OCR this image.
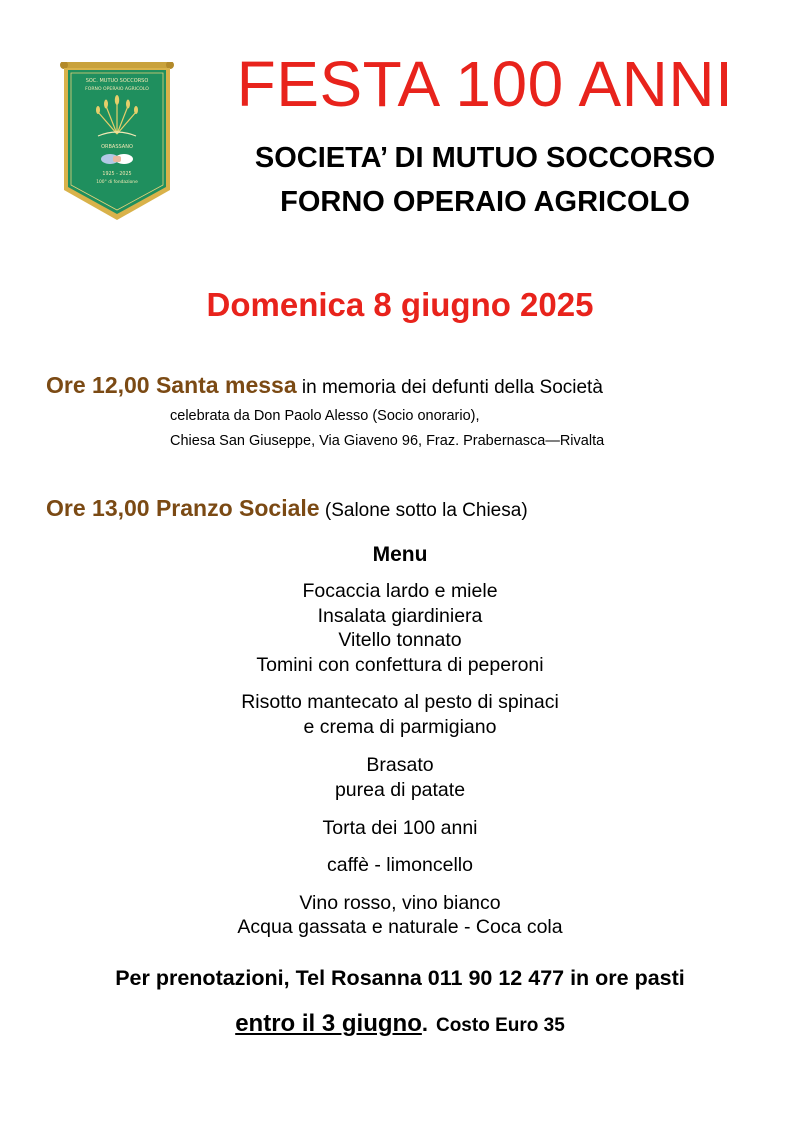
SOC. MUTUO SOCCORSO
FORNO OPERAIO AGRICOLO
ORBASSANO
1925 - 2025
100° di fondazione
FESTA 100 ANNI
SOCIETA’ DI MUTUO SOCCORSO
FORNO OPERAIO AGRICOLO
Domenica 8 giugno 2025
Ore 12,00 Santa messa in memoria dei defunti della Società
celebrata da Don Paolo Alesso (Socio onorario),
Chiesa San Giuseppe, Via Giaveno 96, Fraz. Prabernasca—Rivalta
Ore 13,00 Pranzo Sociale (Salone sotto la Chiesa)
Menu
Focaccia lardo e miele
Insalata giardiniera
Vitello tonnato
Tomini con confettura di peperoni
Risotto mantecato al pesto di spinaci
e crema di parmigiano
Brasato
purea di patate
Torta dei 100 anni
caffè - limoncello
Vino rosso, vino bianco
Acqua gassata e naturale - Coca cola
Per prenotazioni, Tel Rosanna 011 90 12 477 in ore pasti
entro il 3 giugno. Costo Euro 35
